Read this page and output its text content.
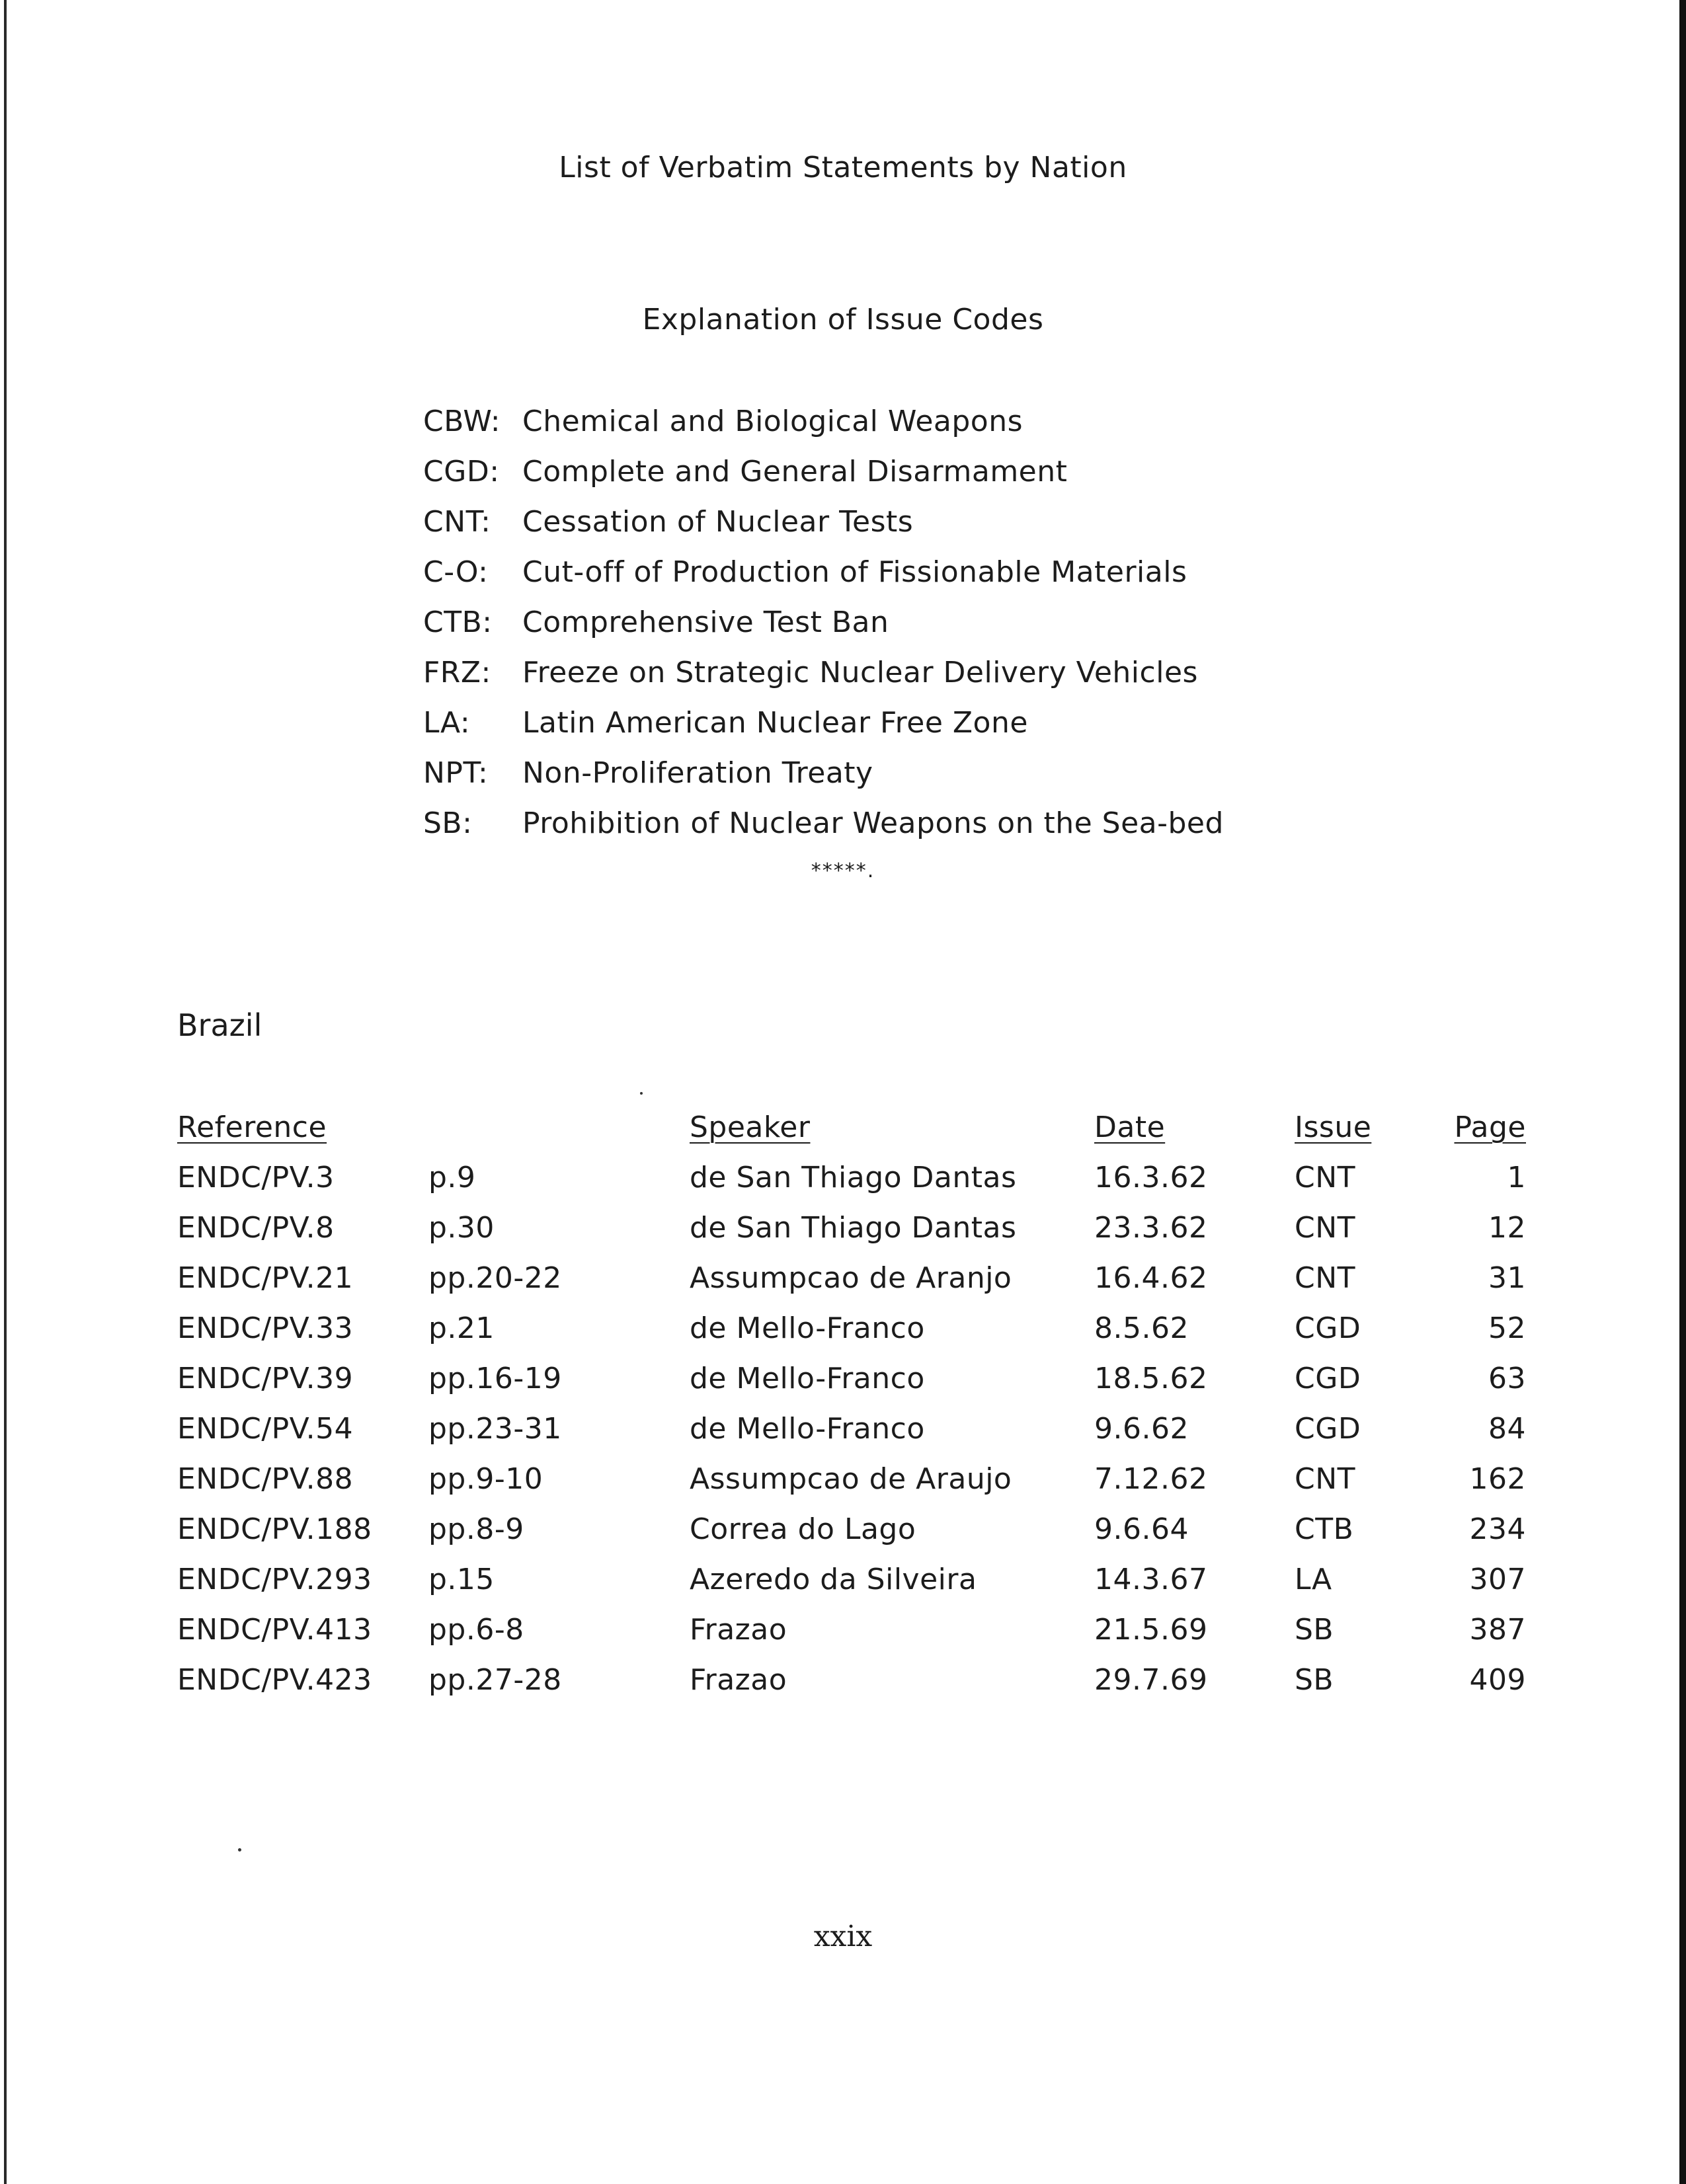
List of Verbatim Statements by Nation
Explanation of Issue Codes
CBW: Chemical and Biological Weapons
CGD: Complete and General Disarmament
CNT: Cessation of Nuclear Tests
C-O: Cut-off of Production of Fissionable Materials
CTB: Comprehensive Test Ban
FRZ: Freeze on Strategic Nuclear Delivery Vehicles
LA: Latin American Nuclear Free Zone
NPT: Non-Proliferation Treaty
SB: Prohibition of Nuclear Weapons on the Sea-bed
*****.
Brazil
Reference	Speaker	Date	Issue	Page
ENDC/PV.3	p.9	de San Thiago Dantas	16.3.62	CNT	1
ENDC/PV.8	p.30	de San Thiago Dantas	23.3.62	CNT	12
ENDC/PV.21	pp.20-22	Assumpcao de Aranjo	16.4.62	CNT	31
ENDC/PV.33	p.21	de Mello-Franco	8.5.62	CGD	52
ENDC/PV.39	pp.16-19	de Mello-Franco	18.5.62	CGD	63
ENDC/PV.54	pp.23-31	de Mello-Franco	9.6.62	CGD	84
ENDC/PV.88	pp.9-10	Assumpcao de Araujo	7.12.62	CNT	162
ENDC/PV.188 pp.8-9	Correa do Lago	9.6.64	CTB	234
ENDC/PV.293 p.15	Azeredo da Silveira	14.3.67	LA	307
ENDC/PV.413 pp.6-8	Frazao	21.5.69	SB	387
ENDC/PV.423 pp.27-28	Frazao	29.7.69	SB	409
xxix
